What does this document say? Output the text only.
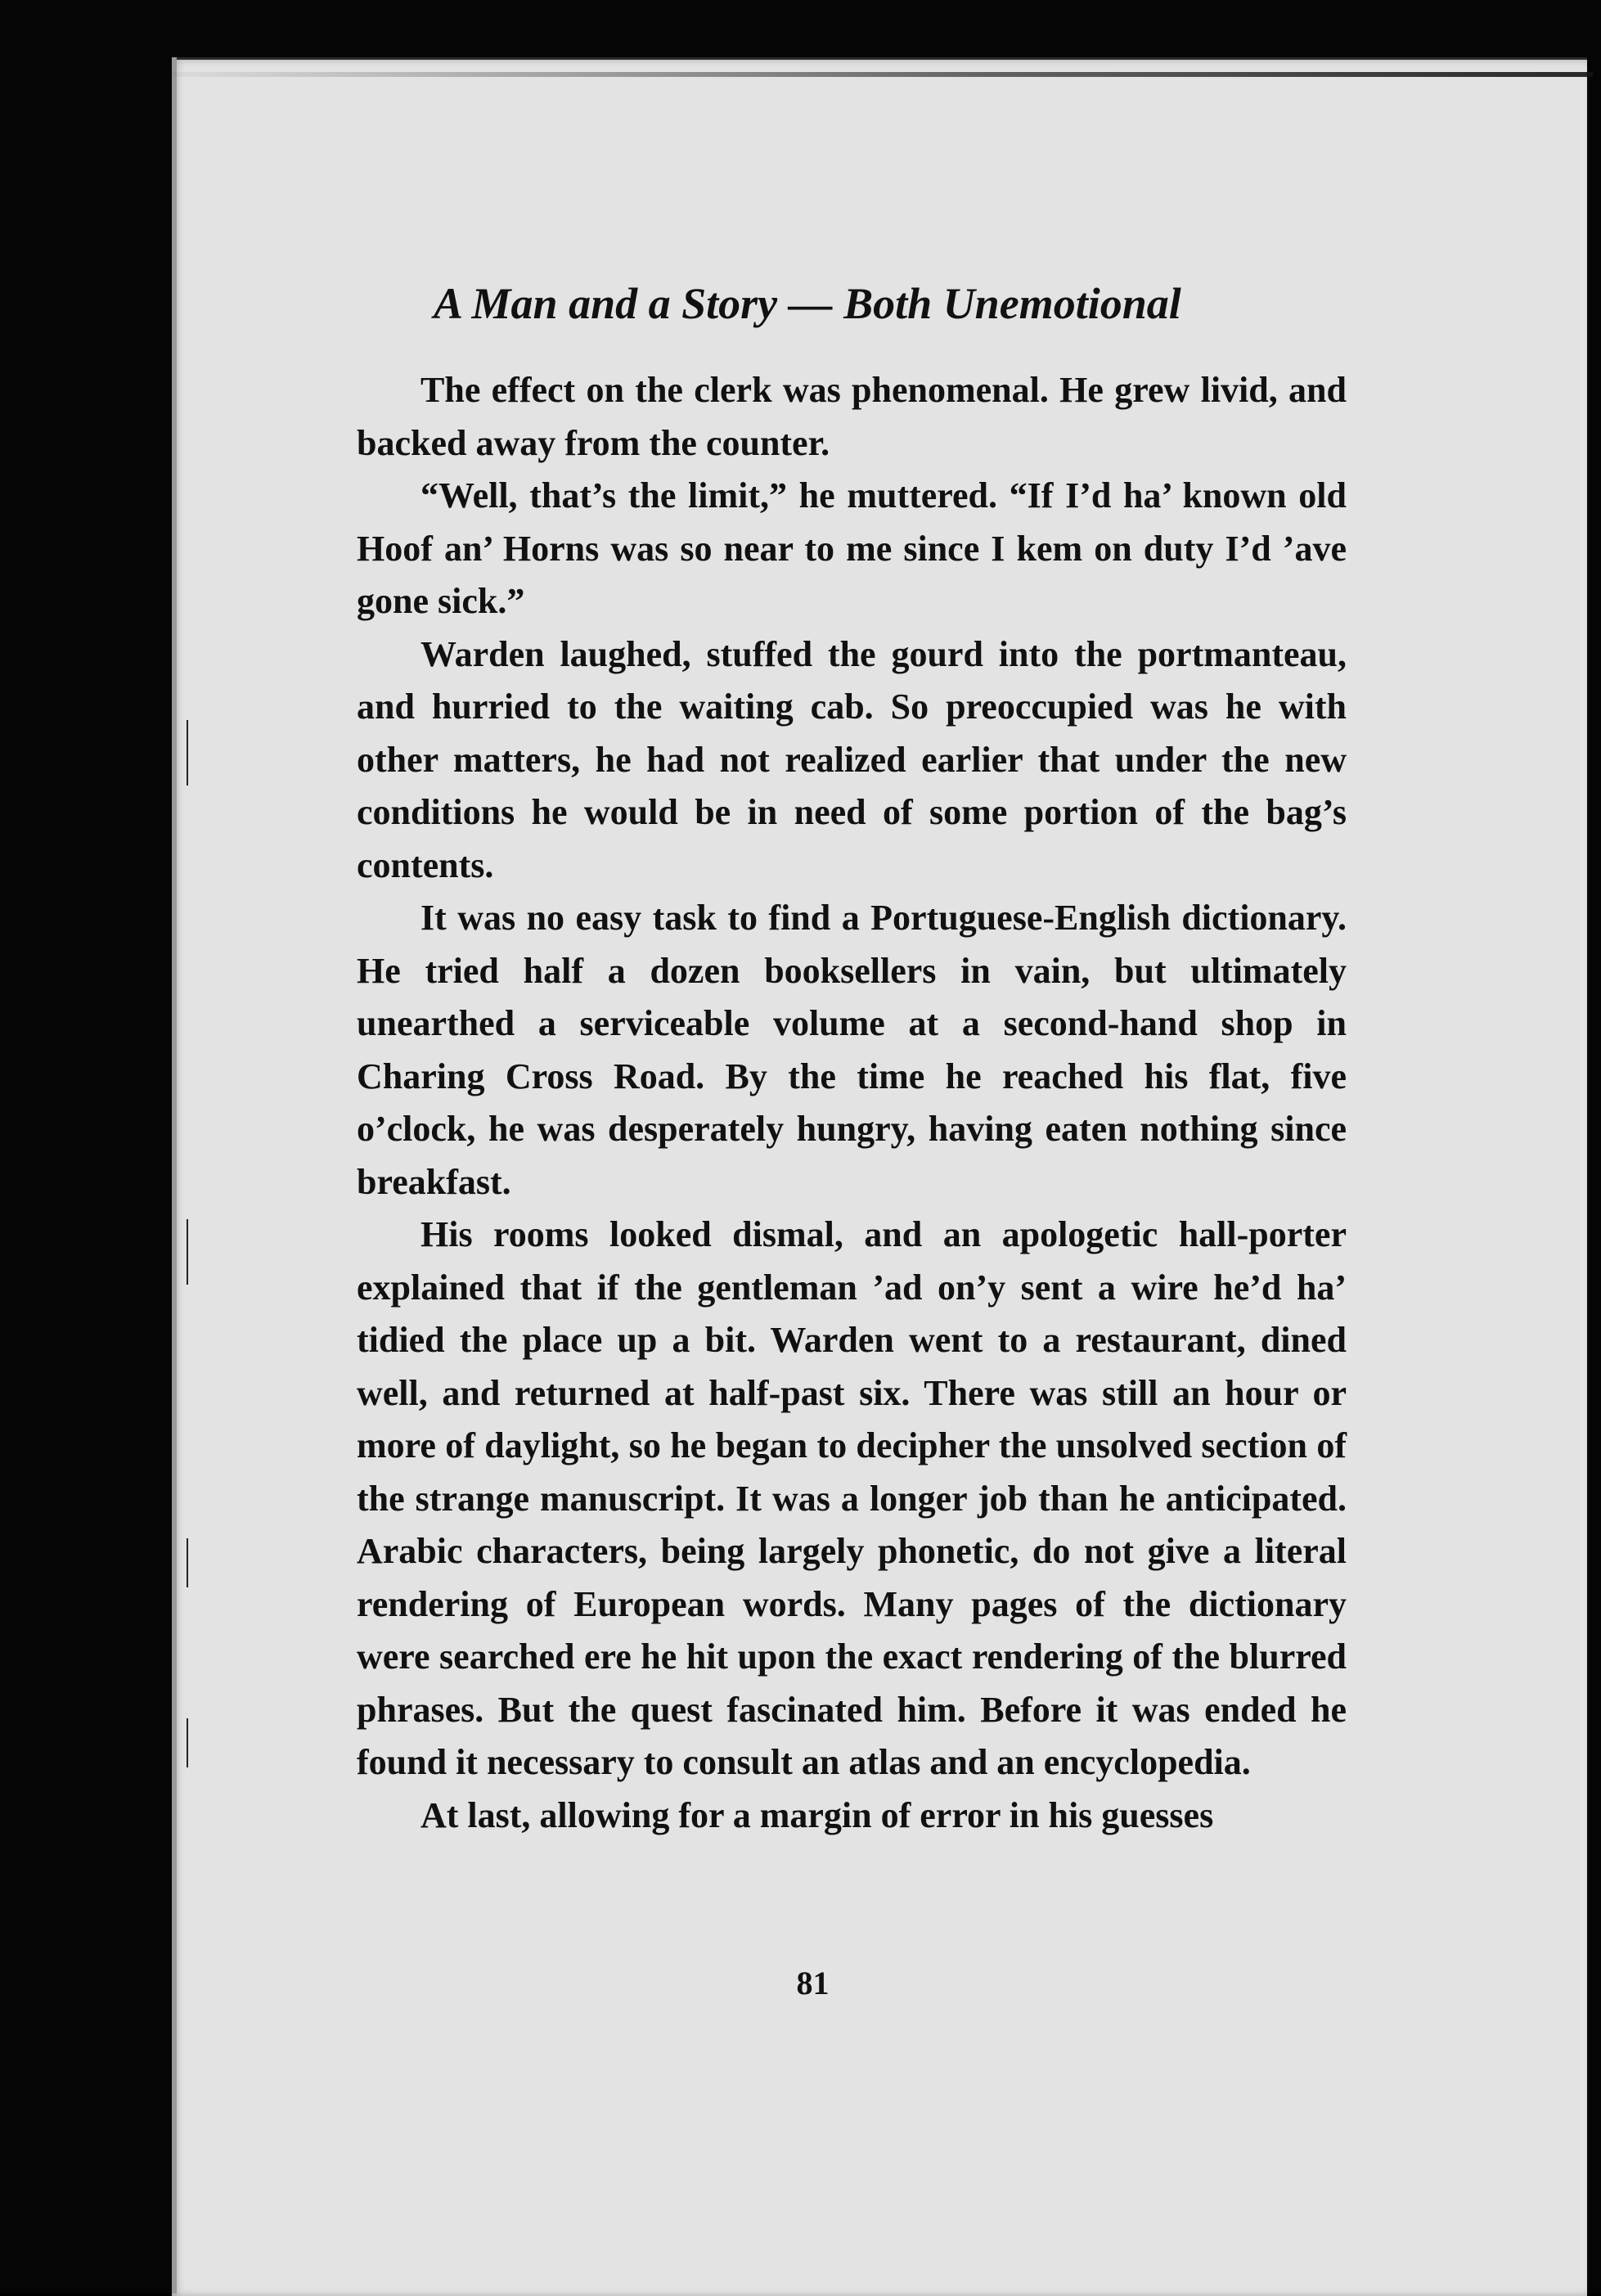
A Man and a Story — Both Unemotional

The effect on the clerk was phenomenal. He grew livid, and backed away from the counter.

“Well, that’s the limit,” he muttered. “If I’d ha’ known old Hoof an’ Horns was so near to me since I kem on duty I’d ’ave gone sick.”

Warden laughed, stuffed the gourd into the portmanteau, and hurried to the waiting cab. So preoccupied was he with other matters, he had not realized earlier that under the new conditions he would be in need of some portion of the bag’s contents.

It was no easy task to find a Portuguese-English dictionary. He tried half a dozen booksellers in vain, but ultimately unearthed a serviceable volume at a second-hand shop in Charing Cross Road. By the time he reached his flat, five o’clock, he was desperately hungry, having eaten nothing since breakfast.

His rooms looked dismal, and an apologetic hall-porter explained that if the gentleman ’ad on’y sent a wire he’d ha’ tidied the place up a bit. Warden went to a restaurant, dined well, and returned at half-past six. There was still an hour or more of daylight, so he began to decipher the unsolved section of the strange manuscript. It was a longer job than he anticipated. Arabic characters, being largely phonetic, do not give a literal rendering of European words. Many pages of the dictionary were searched ere he hit upon the exact rendering of the blurred phrases. But the quest fascinated him. Before it was ended he found it necessary to consult an atlas and an encyclopedia.

At last, allowing for a margin of error in his guesses

81
